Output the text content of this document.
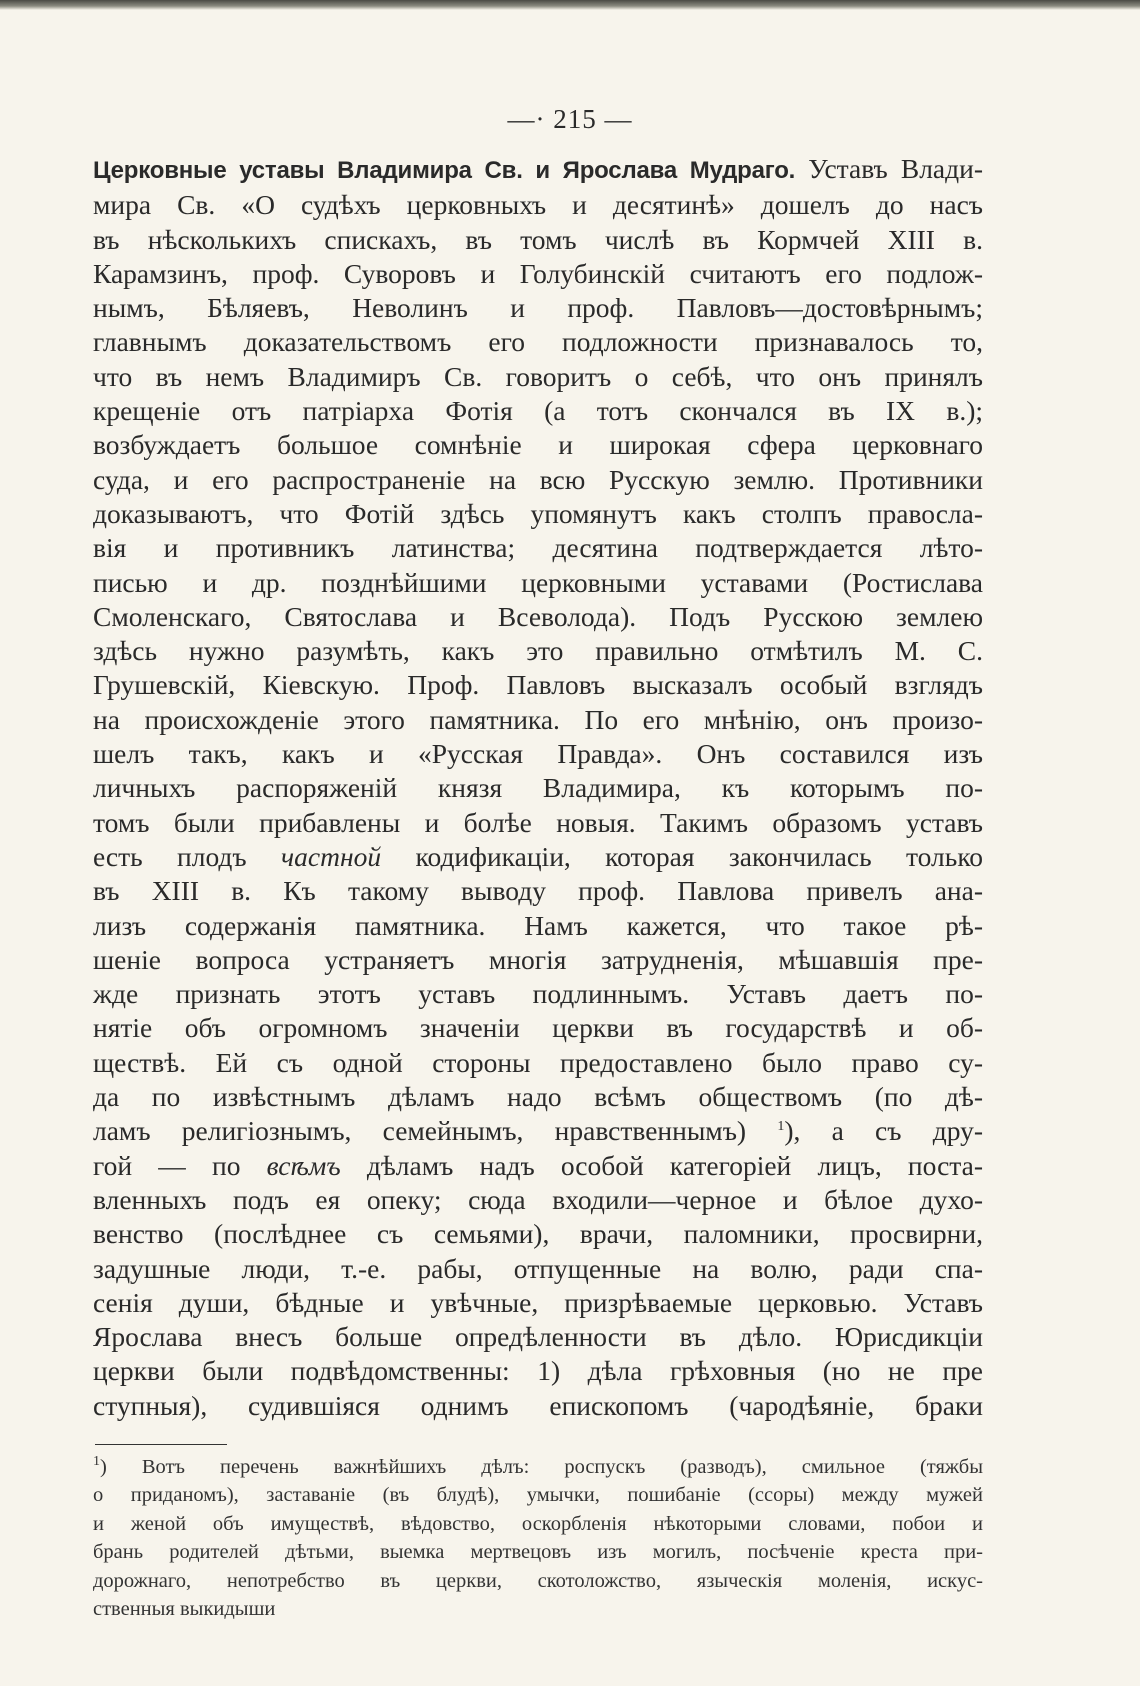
—· 215 —
Церковные уставы Владимира Св. и Ярослава Мудраго. Уставъ Влади-
мира Св. «О судѣхъ церковныхъ и десятинѣ» дошелъ до насъ
въ нѣсколькихъ спискахъ, въ томъ числѣ въ Кормчей XIII в.
Карамзинъ, проф. Суворовъ и Голубинскій считаютъ его подлож-
нымъ, Бѣляевъ, Неволинъ и проф. Павловъ—достовѣрнымъ;
главнымъ доказательствомъ его подложности признавалось то,
что въ немъ Владимиръ Св. говоритъ о себѣ, что онъ принялъ
крещеніе отъ патріарха Фотія (а тотъ скончался въ IX в.);
возбуждаетъ большое сомнѣніе и широкая сфера церковнаго
суда, и его распространеніе на всю Русскую землю. Противники
доказываютъ, что Фотій здѣсь упомянутъ какъ столпъ правосла-
вія и противникъ латинства; десятина подтверждается лѣто-
писью и др. позднѣйшими церковными уставами (Ростислава
Смоленскаго, Святослава и Всеволода). Подъ Русскою землею
здѣсь нужно разумѣть, какъ это правильно отмѣтилъ М. С.
Грушевскій, Кіевскую. Проф. Павловъ высказалъ особый взглядъ
на происхожденіе этого памятника. По его мнѣнію, онъ произо-
шелъ такъ, какъ и «Русская Правда». Онъ составился изъ
личныхъ распоряженій князя Владимира, къ которымъ по-
томъ были прибавлены и болѣе новыя. Такимъ образомъ уставъ
есть плодъ частной кодификаціи, которая закончилась только
въ XIII в. Къ такому выводу проф. Павлова привелъ ана-
лизъ содержанія памятника. Намъ кажется, что такое рѣ-
шеніе вопроса устраняетъ многія затрудненія, мѣшавшія пре-
жде признать этотъ уставъ подлиннымъ. Уставъ даетъ по-
нятіе объ огромномъ значеніи церкви въ государствѣ и об-
ществѣ. Ей съ одной стороны предоставлено было право су-
да по извѣстнымъ дѣламъ надо всѣмъ обществомъ (по дѣ-
ламъ религіознымъ, семейнымъ, нравственнымъ) $^1$), а съ дру-
гой — по всѣмъ дѣламъ надъ особой категоріей лицъ, поста-
вленныхъ подъ ея опеку; сюда входили—черное и бѣлое духо-
венство (послѣднее съ семьями), врачи, паломники, просвирни,
задушные люди, т.-е. рабы, отпущенные на волю, ради спа-
сенія души, бѣдные и увѣчные, призрѣваемые церковью. Уставъ
Ярослава внесъ больше опредѣленности въ дѣло. Юрисдикціи
церкви были подвѣдомственны: 1) дѣла грѣховныя (но не пре
ступныя), судившіяся однимъ епископомъ (чародѣяніе, браки
$^1$) Вотъ перечень важнѣйшихъ дѣлъ: роспускъ (разводъ), смильное (тяжбы
о приданомъ), заставаніе (въ блудѣ), умычки, пошибаніе (ссоры) между мужей
и женой объ имуществѣ, вѣдовство, оскорбленія нѣкоторыми словами, побои и
брань родителей дѣтьми, выемка мертвецовъ изъ могилъ, посѣченіе креста при-
дорожнаго, непотребство въ церкви, скотоложство, языческія моленія, искус-
ственныя выкидыши
